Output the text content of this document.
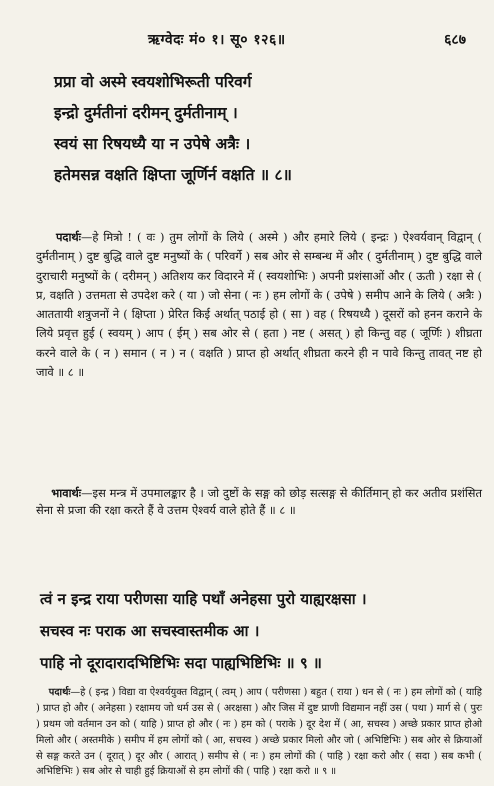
ऋग्वेदः मं० १। सू० १२६॥	६८७
प्रप्रा वो अस्मे स्वयशोभिरूती परिवर्ग
इन्द्रो दुर्मतीनां दरीमन् दुर्मतीनाम् ।
स्वयं सा रिषयध्यै या न उपेषे अत्रैः ।
हतेमसन्न वक्षति क्षिप्ता जूर्णिर्न वक्षति ॥ ८॥

पदार्थः—हे मित्रो ! ( वः ) तुम लोगों के लिये ( अस्मे ) और हमारे लिये ( इन्द्रः ) ऐश्वर्यवान् विद्वान् ( दुर्मतीनाम् ) दुष्ट बुद्धि वाले दुष्ट मनुष्यों के ( परिवर्गे ) सब ओर से सम्बन्ध में और ( दुर्मतीनाम् ) दुष्ट बुद्धि वाले दुराचारी मनुष्यों के ( दरीमन् ) अतिशय कर विदारने में ( स्वयशोभिः ) अपनी प्रशंसाओं और ( ऊती ) रक्षा से ( प्र, वक्षति ) उत्तमता से उपदेश करे ( या ) जो सेना ( नः ) हम लोगों के ( उपेषे ) समीप आने के लिये ( अत्रैः ) आततायी शत्रुजनों ने ( क्षिप्ता ) प्रेरित किई अर्थात् पठाई हो ( सा ) वह ( रिषयध्यै ) दूसरों को हनन कराने के लिये प्रवृत्त हुई ( स्वयम् ) आप ( ईम् ) सब ओर से ( हता ) नष्ट ( असत् ) हो किन्तु वह ( जूर्णिः ) शीघ्रता करने वाले के ( न ) समान ( न ) न ( वक्षति ) प्राप्त हो अर्थात् शीघ्रता करने ही न पावे किन्तु तावत् नष्ट हो जावे ॥ ८ ॥

भावार्थः—इस मन्त्र में उपमालङ्कार है । जो दुष्टों के सङ्ग को छोड़ सत्सङ्ग से कीर्तिमान् हो कर अतीव प्रशंसित सेना से प्रजा की रक्षा करते हैं वे उत्तम ऐश्वर्य वाले होते हैं ॥ ८ ॥

त्वं न इन्द्र राया परीणसा याहि पथाँ अनेहसा पुरो याह्यरक्षसा ।
सचस्व नः पराक आ सचस्वास्तमीक आ ।
पाहि नो दूरादारादभिष्टिभिः सदा पाह्यभिष्टिभिः ॥ ९ ॥

पदार्थः—हे ( इन्द्र ) विद्या वा ऐश्वर्ययुक्त विद्वान् ( त्वम् ) आप ( परीणसा ) बहुत ( राया ) धन से ( नः ) हम लोगों को ( याहि ) प्राप्त हो और ( अनेहसा ) रक्षामय जो धर्म उस से ( अरक्षसा ) और जिस में दुष्ट प्राणी विद्यमान नहीं उस ( पथा ) मार्ग से ( पुरः ) प्रथम जो वर्तमान उन को ( याहि ) प्राप्त हो और ( नः ) हम को ( पराके ) दूर देश में ( आ, सचस्व ) अच्छे प्रकार प्राप्त होओ मिलो और ( अस्तमीके ) समीप में हम लोगों को ( आ, सचस्व ) अच्छे प्रकार मिलो और जो ( अभिष्टिभिः ) सब ओर से क्रियाओं से सङ्ग करते उन ( दूरात् ) दूर और ( आरात् ) समीप से ( नः ) हम लोगों की ( पाहि ) रक्षा करो और ( सदा ) सब कभी ( अभिष्टिभिः ) सब ओर से चाही हुई क्रियाओं से हम लोगों की ( पाहि ) रक्षा करो ॥ ९ ॥
